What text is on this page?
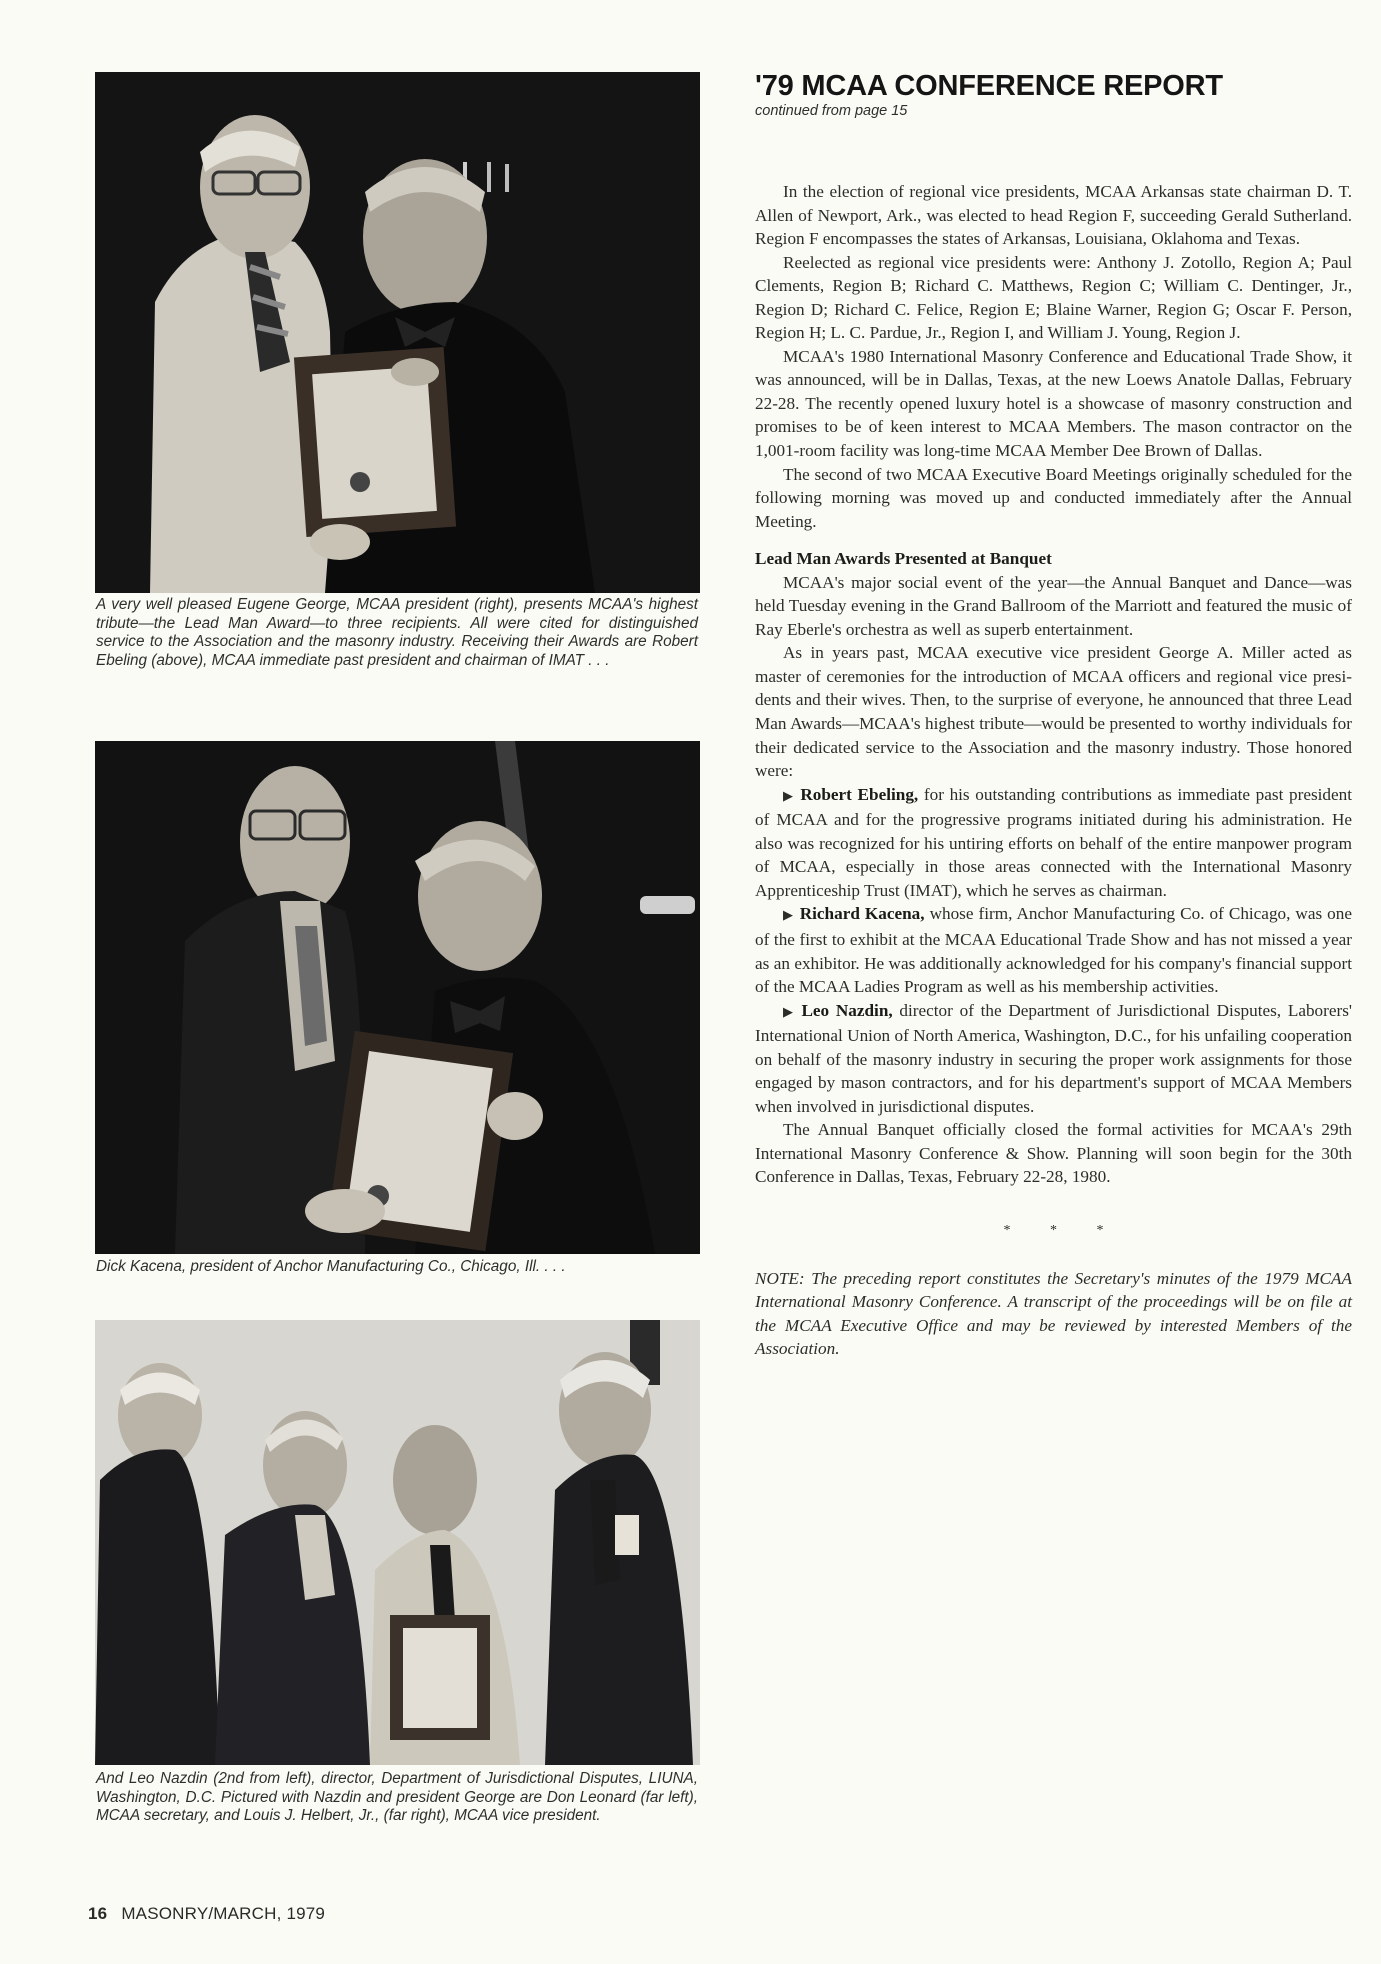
A very well pleased Eugene George, MCAA president (right), presents MCAA's highest tribute—the Lead Man Award—to three recipients. All were cited for distinguished service to the Association and the masonry industry. Receiving their Awards are Robert Ebeling (above), MCAA immediate past president and chairman of IMAT . . .
Dick Kacena, president of Anchor Manufacturing Co., Chicago, Ill. . . .
And Leo Nazdin (2nd from left), director, Department of Jurisdictional Disputes, LIUNA, Washington, D.C. Pictured with Nazdin and president George are Don Leonard (far left), MCAA secretary, and Louis J. Helbert, Jr., (far right), MCAA vice president.
16 MASONRY/MARCH, 1979
'79 MCAA CONFERENCE REPORT
continued from page 15

In the election of regional vice presidents, MCAA Arkansas state chairman D. T. Allen of Newport, Ark., was elected to head Region F, succeeding Gerald Sutherland. Region F encompasses the states of Arkansas, Louisiana, Oklahoma and Texas.

Reelected as regional vice presidents were: Anthony J. Zotollo, Region A; Paul Clements, Region B; Richard C. Matthews, Region C; William C. Dentinger, Jr., Region D; Richard C. Felice, Region E; Blaine Warner, Region G; Oscar F. Person, Region H; L. C. Pardue, Jr., Region I, and William J. Young, Region J.

MCAA's 1980 International Masonry Conference and Educational Trade Show, it was announced, will be in Dallas, Texas, at the new Loews Anatole Dallas, February 22-28. The recently opened luxury hotel is a showcase of masonry construction and promises to be of keen interest to MCAA Members. The mason contractor on the 1,001-room facility was long-time MCAA Member Dee Brown of Dallas.

The second of two MCAA Executive Board Meetings originally scheduled for the following morning was moved up and conducted immediately after the Annual Meeting.

Lead Man Awards Presented at Banquet

MCAA's major social event of the year—the Annual Banquet and Dance—was held Tuesday evening in the Grand Ballroom of the Marriott and featured the music of Ray Eberle's orchestra as well as superb entertainment.

As in years past, MCAA executive vice president George A. Miller acted as master of ceremonies for the introduction of MCAA officers and regional vice presidents and their wives. Then, to the surprise of everyone, he announced that three Lead Man Awards—MCAA's highest tribute—would be presented to worthy individuals for their dedicated service to the Association and the masonry industry. Those honored were:

▶ Robert Ebeling, for his outstanding contributions as immediate past president of MCAA and for the progressive programs initiated during his administration. He also was recognized for his untiring efforts on behalf of the entire manpower program of MCAA, especially in those areas connected with the International Masonry Apprenticeship Trust (IMAT), which he serves as chairman.

▶ Richard Kacena, whose firm, Anchor Manufacturing Co. of Chicago, was one of the first to exhibit at the MCAA Educational Trade Show and has not missed a year as an exhibitor. He was additionally acknowledged for his company's financial support of the MCAA Ladies Program as well as his membership activities.

▶ Leo Nazdin, director of the Department of Jurisdictional Disputes, Laborers' International Union of North America, Washington, D.C., for his unfailing cooperation on behalf of the masonry industry in securing the proper work assignments for those engaged by mason contractors, and for his department's support of MCAA Members when involved in jurisdictional disputes.

The Annual Banquet officially closed the formal activities for MCAA's 29th International Masonry Conference & Show. Planning will soon begin for the 30th Conference in Dallas, Texas, February 22-28, 1980.

* * *

NOTE: The preceding report constitutes the Secretary's minutes of the 1979 MCAA International Masonry Conference. A transcript of the proceedings will be on file at the MCAA Executive Office and may be reviewed by interested Members of the Association.
